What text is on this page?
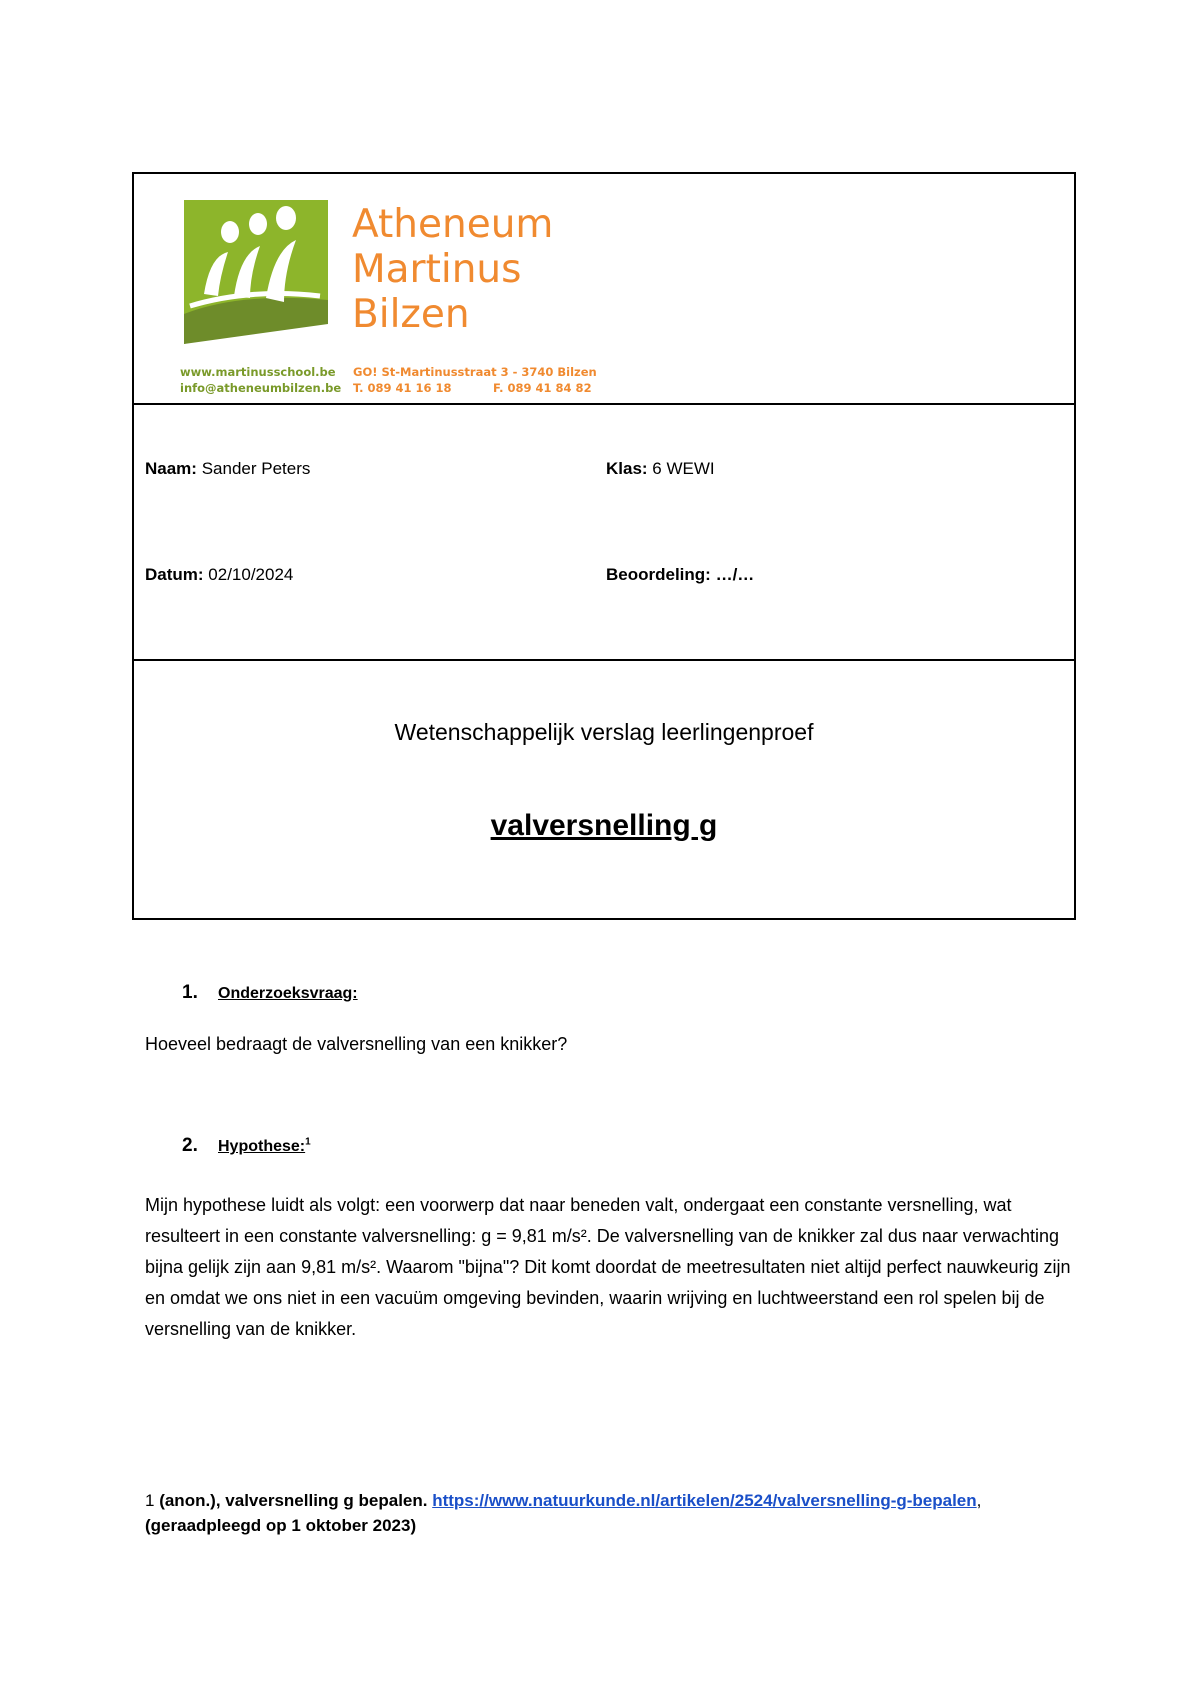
Atheneum
Martinus
Bilzen
www.martinusschool.be
info@atheneumbilzen.be
GO! St-Martinusstraat 3 - 3740 Bilzen
T. 089 41 16 18	F. 089 41 84 82
Naam: Sander Peters	Klas: 6 WEWI
Datum: 02/10/2024	Beoordeling: …/…
Wetenschappelijk verslag leerlingenproef
valversnelling g
1. Onderzoeksvraag:
Hoeveel bedraagt de valversnelling van een knikker?
2. Hypothese:$^1$
Mijn hypothese luidt als volgt: een voorwerp dat naar beneden valt, ondergaat een constante versnelling, wat resulteert in een constante valversnelling: g = 9,81 m/s². De valversnelling van de knikker zal dus naar verwachting bijna gelijk zijn aan 9,81 m/s². Waarom "bijna"? Dit komt doordat de meetresultaten niet altijd perfect nauwkeurig zijn en omdat we ons niet in een vacuüm omgeving bevinden, waarin wrijving en luchtweerstand een rol spelen bij de versnelling van de knikker.
1 (anon.), valversnelling g bepalen. https://www.natuurkunde.nl/artikelen/2524/valversnelling-g-bepalen,
(geraadpleegd op 1 oktober 2023)
